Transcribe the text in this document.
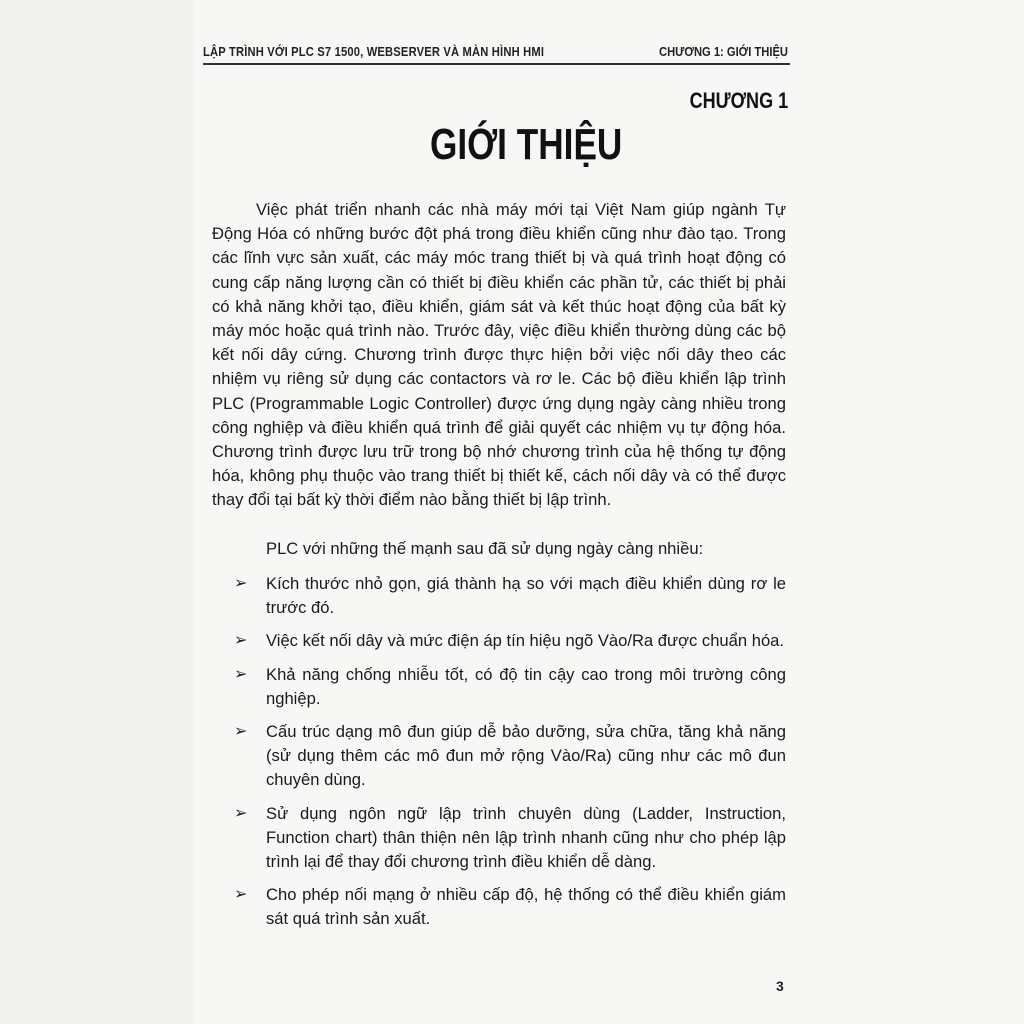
LẬP TRÌNH VỚI PLC S7 1500, WEBSERVER VÀ MÀN HÌNH HMI	CHƯƠNG 1: GIỚI THIỆU
CHƯƠNG 1
GIỚI THIỆU
Việc phát triển nhanh các nhà máy mới tại Việt Nam giúp ngành Tự Động Hóa có những bước đột phá trong điều khiển cũng như đào tạo. Trong các lĩnh vực sản xuất, các máy móc trang thiết bị và quá trình hoạt động có cung cấp năng lượng cần có thiết bị điều khiển các phần tử, các thiết bị phải có khả năng khởi tạo, điều khiển, giám sát và kết thúc hoạt động của bất kỳ máy móc hoặc quá trình nào. Trước đây, việc điều khiển thường dùng các bộ kết nối dây cứng. Chương trình được thực hiện bởi việc nối dây theo các nhiệm vụ riêng sử dụng các contactors và rơ le. Các bộ điều khiển lập trình PLC (Programmable Logic Controller) được ứng dụng ngày càng nhiều trong công nghiệp và điều khiển quá trình để giải quyết các nhiệm vụ tự động hóa. Chương trình được lưu trữ trong bộ nhớ chương trình của hệ thống tự động hóa, không phụ thuộc vào trang thiết bị thiết kế, cách nối dây và có thể được thay đổi tại bất kỳ thời điểm nào bằng thiết bị lập trình.
PLC với những thế mạnh sau đã sử dụng ngày càng nhiều:
➢ Kích thước nhỏ gọn, giá thành hạ so với mạch điều khiển dùng rơ le trước đó.
➢ Việc kết nối dây và mức điện áp tín hiệu ngõ Vào/Ra được chuẩn hóa.
➢ Khả năng chống nhiễu tốt, có độ tin cậy cao trong môi trường công nghiệp.
➢ Cấu trúc dạng mô đun giúp dễ bảo dưỡng, sửa chữa, tăng khả năng (sử dụng thêm các mô đun mở rộng Vào/Ra) cũng như các mô đun chuyên dùng.
➢ Sử dụng ngôn ngữ lập trình chuyên dùng (Ladder, Instruction, Function chart) thân thiện nên lập trình nhanh cũng như cho phép lập trình lại để thay đổi chương trình điều khiển dễ dàng.
➢ Cho phép nối mạng ở nhiều cấp độ, hệ thống có thể điều khiển giám sát quá trình sản xuất.
3
